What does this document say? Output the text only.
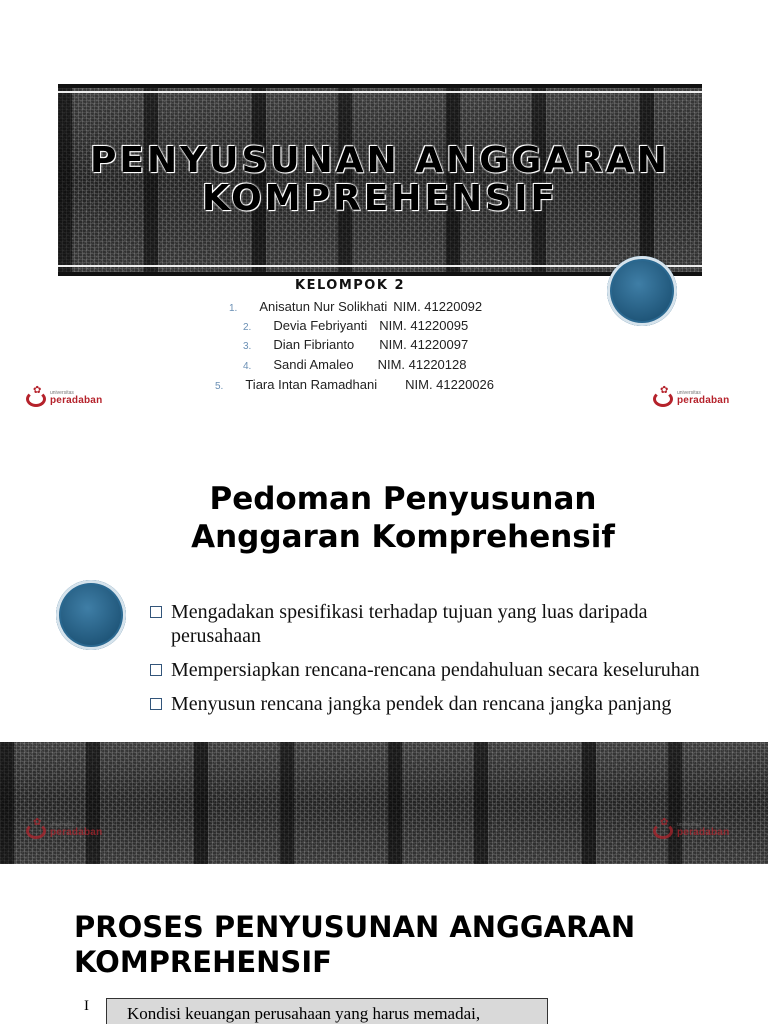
PENYUSUNAN ANGGARAN KOMPREHENSIF
KELOMPOK 2
1. Anisatun Nur Solikhati NIM. 41220092
2. Devia Febriyanti NIM. 41220095
3. Dian Fibrianto NIM. 41220097
4. Sandi Amaleo NIM. 41220128
5. Tiara Intan Ramadhani NIM. 41220026
✿ universitas
peradaban
✿ universitas
peradaban
Pedoman Penyusunan
Anggaran Komprehensif
Mengadakan spesifikasi terhadap tujuan yang luas daripada perusahaan
Mempersiapkan rencana-rencana pendahuluan secara keseluruhan
Menyusun rencana jangka pendek dan rencana jangka panjang
✿ universitas
peradaban
✿ universitas
peradaban
PROSES PENYUSUNAN ANGGARAN
KOMPREHENSIF
I	Kondisi keuangan perusahaan yang harus memadai,
